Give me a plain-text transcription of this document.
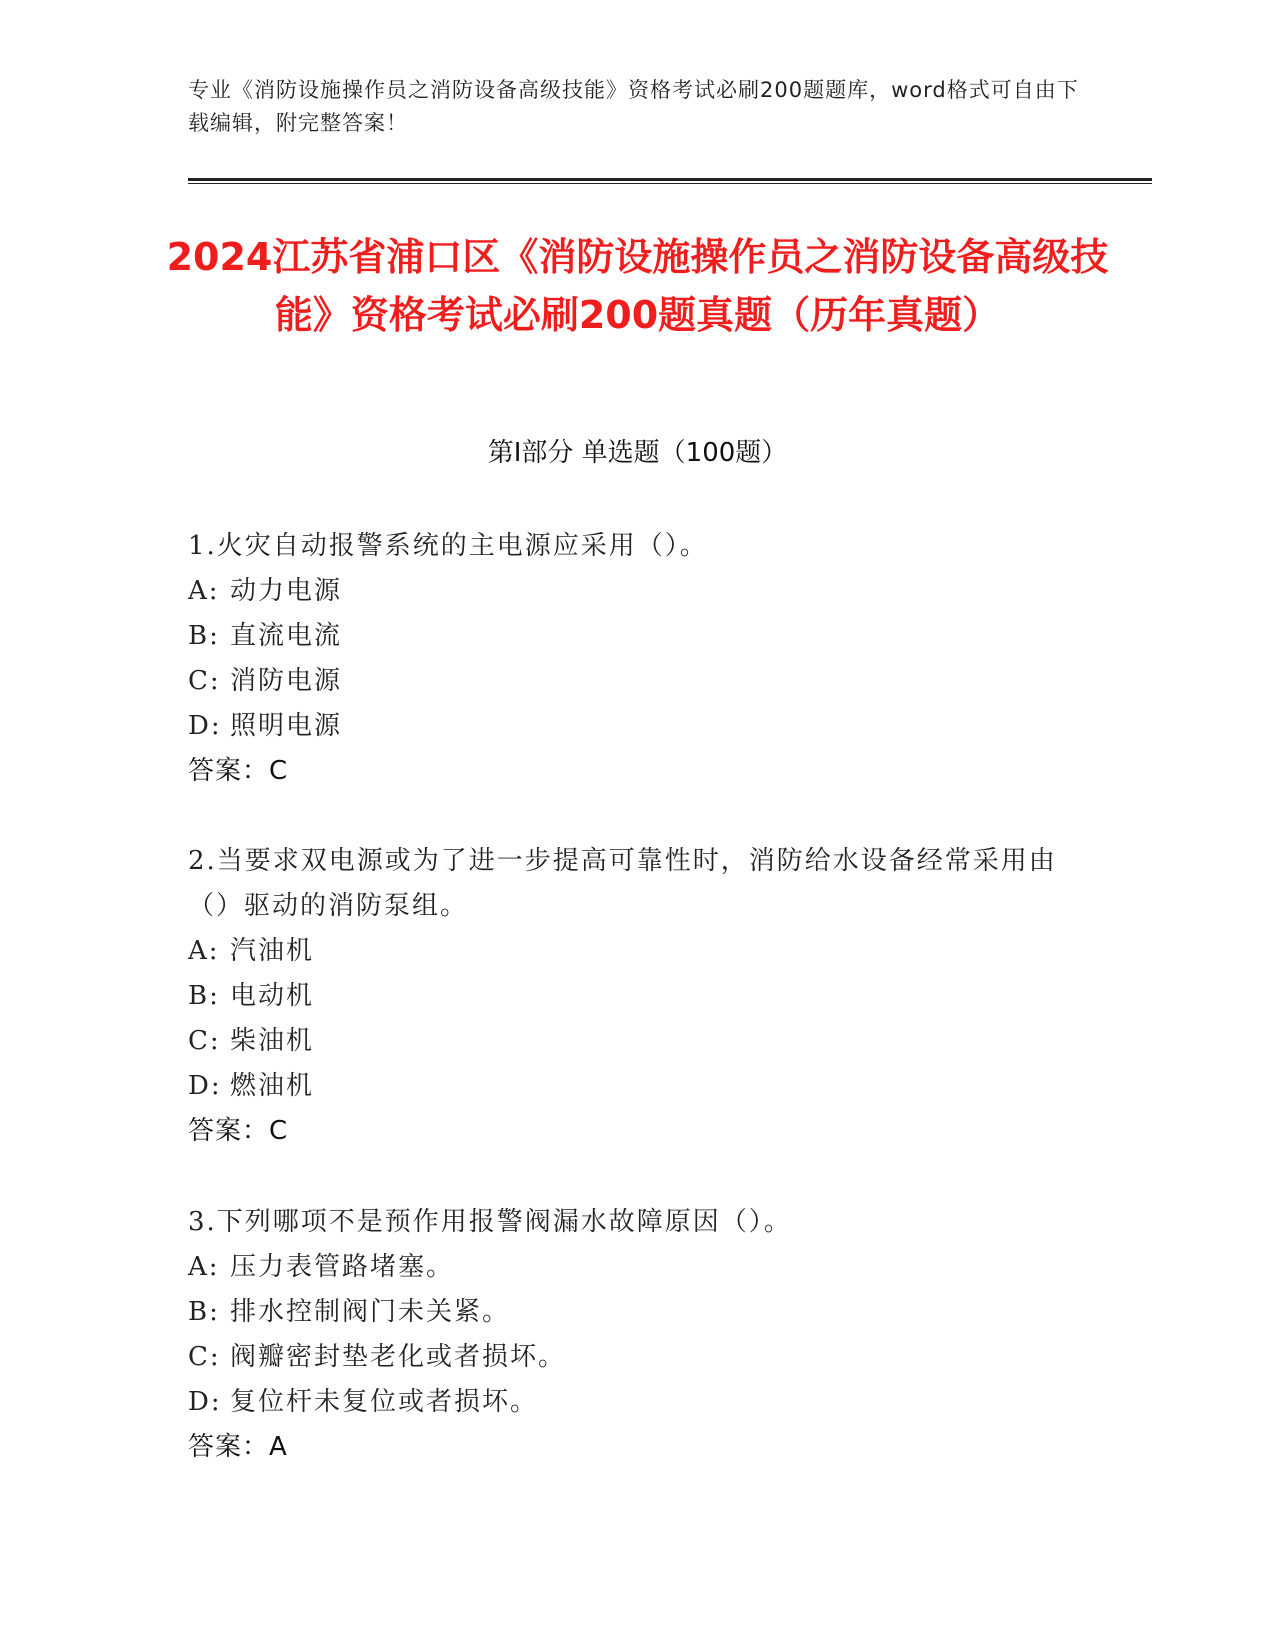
专业《消防设施操作员之消防设备高级技能》资格考试必刷200题题库，word格式可自由下载编辑，附完整答案！
2024江苏省浦口区《消防设施操作员之消防设备高级技能》资格考试必刷200题真题（历年真题）
第I部分 单选题（100题）
1.火灾自动报警系统的主电源应采用（）。
A: 动力电源
B: 直流电流
C: 消防电源
D: 照明电源
答案：C
2.当要求双电源或为了进一步提高可靠性时，消防给水设备经常采用由（）驱动的消防泵组。
A: 汽油机
B: 电动机
C: 柴油机
D: 燃油机
答案：C
3.下列哪项不是预作用报警阀漏水故障原因（）。
A: 压力表管路堵塞。
B: 排水控制阀门未关紧。
C: 阀瓣密封垫老化或者损坏。
D: 复位杆未复位或者损坏。
答案：A
